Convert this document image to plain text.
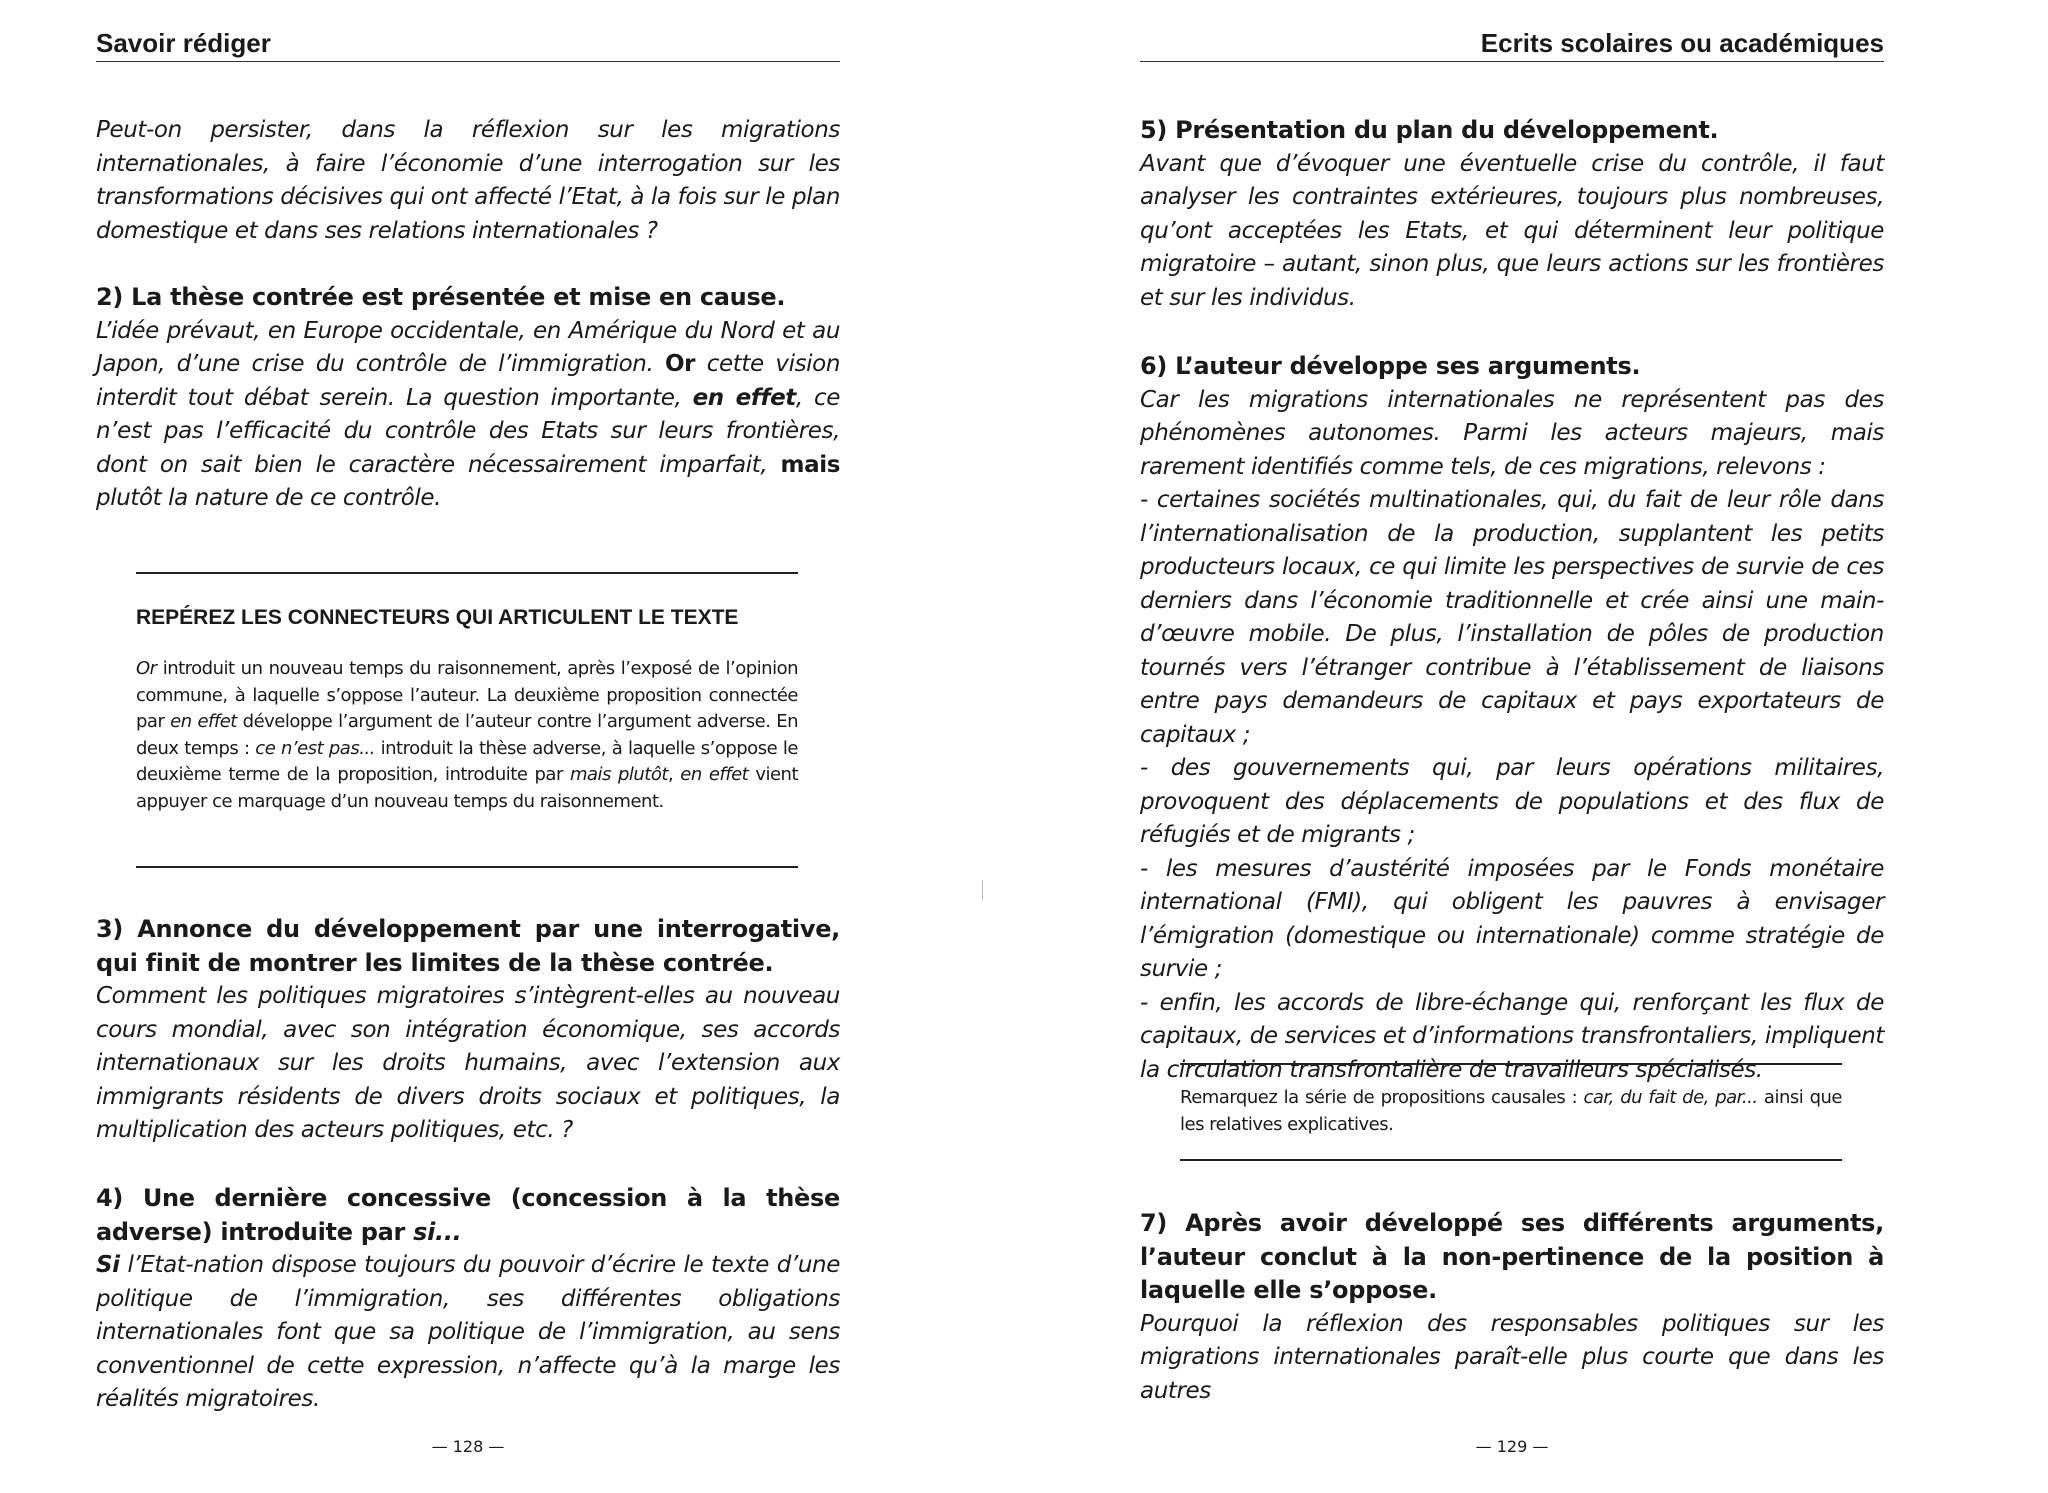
Savoir rédiger

Peut-on persister, dans la réflexion sur les migrations internationales, à faire l’économie d’une interrogation sur les transformations décisives qui ont affecté l’Etat, à la fois sur le plan domestique et dans ses relations internationales ?

2) La thèse contrée est présentée et mise en cause.

L’idée prévaut, en Europe occidentale, en Amérique du Nord et au Japon, d’une crise du contrôle de l’immigration. Or cette vision interdit tout débat serein. La question importante, en effet, ce n’est pas l’efficacité du contrôle des Etats sur leurs frontières, dont on sait bien le caractère nécessairement imparfait, mais plutôt la nature de ce contrôle.

REPÉREZ LES CONNECTEURS QUI ARTICULENT LE TEXTE

Or introduit un nouveau temps du raisonnement, après l’exposé de l’opinion commune, à laquelle s’oppose l’auteur. La deuxième proposition connectée par en effet développe l’argument de l’auteur contre l’argument adverse. En deux temps : ce n’est pas... introduit la thèse adverse, à laquelle s’oppose le deuxième terme de la proposition, introduite par mais plutôt, en effet vient appuyer ce marquage d’un nouveau temps du raisonnement.

3) Annonce du développement par une interrogative, qui finit de montrer les limites de la thèse contrée.

Comment les politiques migratoires s’intègrent-elles au nouveau cours mondial, avec son intégration économique, ses accords internationaux sur les droits humains, avec l’extension aux immigrants résidents de divers droits sociaux et politiques, la multiplication des acteurs politiques, etc. ?

4) Une dernière concessive (concession à la thèse adverse) introduite par si...

Si l’Etat-nation dispose toujours du pouvoir d’écrire le texte d’une politique de l’immigration, ses différentes obligations internationales font que sa politique de l’immigration, au sens conventionnel de cette expression, n’affecte qu’à la marge les réalités migratoires.

— 128 —
Ecrits scolaires ou académiques

5) Présentation du plan du développement.

Avant que d’évoquer une éventuelle crise du contrôle, il faut analyser les contraintes extérieures, toujours plus nombreuses, qu’ont acceptées les Etats, et qui déterminent leur politique migratoire – autant, sinon plus, que leurs actions sur les frontières et sur les individus.

6) L’auteur développe ses arguments.

Car les migrations internationales ne représentent pas des phénomènes autonomes. Parmi les acteurs majeurs, mais rarement identifiés comme tels, de ces migrations, relevons :

- certaines sociétés multinationales, qui, du fait de leur rôle dans l’internationalisation de la production, supplantent les petits producteurs locaux, ce qui limite les perspectives de survie de ces derniers dans l’économie traditionnelle et crée ainsi une main-d’œuvre mobile. De plus, l’installation de pôles de production tournés vers l’étranger contribue à l’établissement de liaisons entre pays demandeurs de capitaux et pays exportateurs de capitaux ;

- des gouvernements qui, par leurs opérations militaires, provoquent des déplacements de populations et des flux de réfugiés et de migrants ;

- les mesures d’austérité imposées par le Fonds monétaire international (FMI), qui obligent les pauvres à envisager l’émigration (domestique ou internationale) comme stratégie de survie ;

- enfin, les accords de libre-échange qui, renforçant les flux de capitaux, de services et d’informations transfrontaliers, impliquent la circulation transfrontalière de travailleurs spécialisés.

Remarquez la série de propositions causales : car, du fait de, par... ainsi que les relatives explicatives.

7) Après avoir développé ses différents arguments, l’auteur conclut à la non-pertinence de la position à laquelle elle s’oppose.

Pourquoi la réflexion des responsables politiques sur les migrations internationales paraît-elle plus courte que dans les autres

— 129 —
